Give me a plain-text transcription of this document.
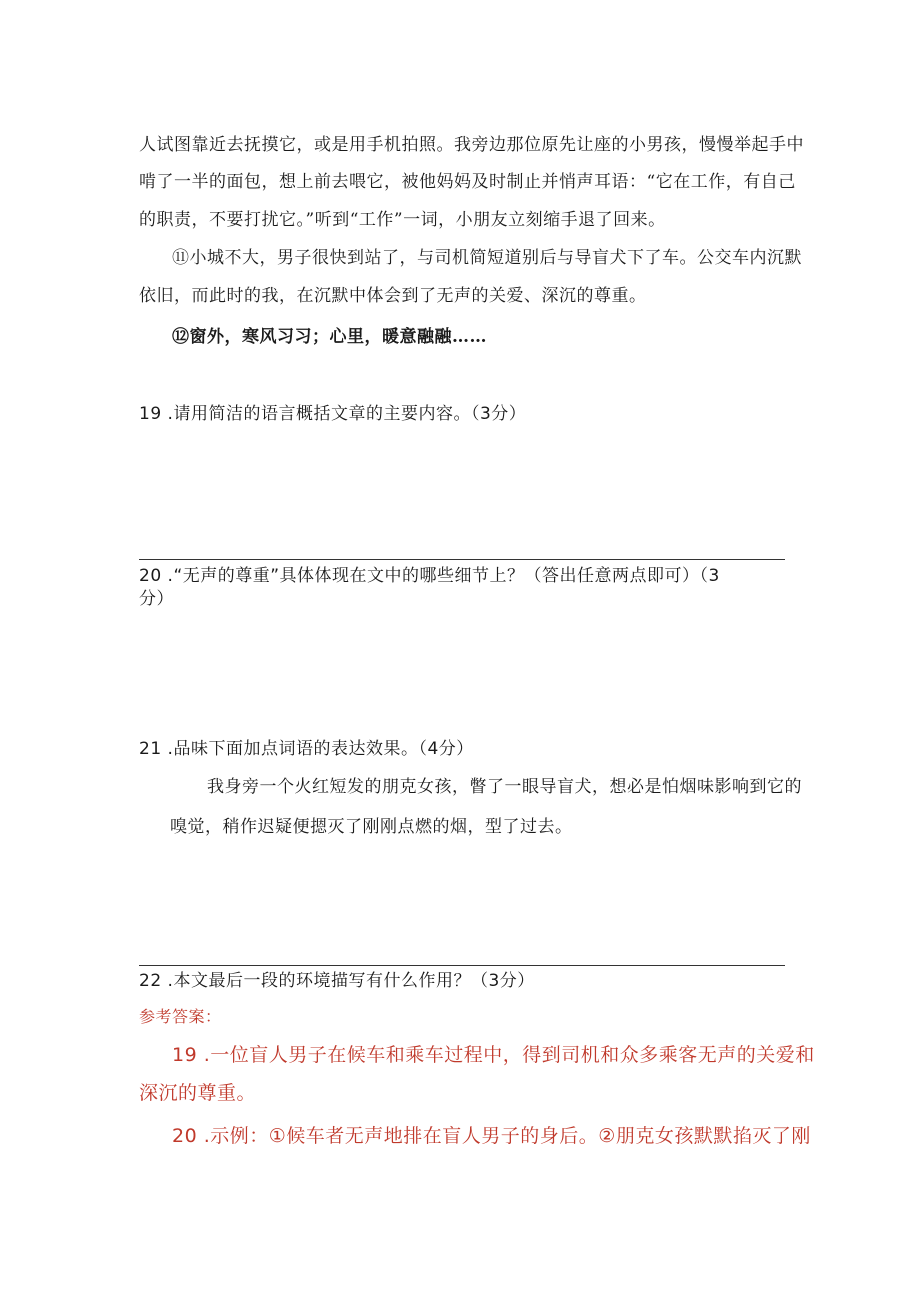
人试图靠近去抚摸它，或是用手机拍照。我旁边那位原先让座的小男孩，慢慢举起手中
啃了一半的面包，想上前去喂它，被他妈妈及时制止并悄声耳语：“它在工作，有自己
的职责，不要打扰它。”听到“工作”一词，小朋友立刻缩手退了回来。
⑪小城不大，男子很快到站了，与司机简短道别后与导盲犬下了车。公交车内沉默
依旧，而此时的我，在沉默中体会到了无声的关爱、深沉的尊重。
⑫窗外，寒风习习；心里，暖意融融……
19 .请用简洁的语言概括文章的主要内容。（3分）
20 .“无声的尊重”具体体现在文中的哪些细节上？（答出任意两点即可）（3
分）
21 .品味下面加点词语的表达效果。（4分）
我身旁一个火红短发的朋克女孩，瞥了一眼导盲犬，想必是怕烟味影响到它的
嗅觉，稍作迟疑便摁灭了刚刚点燃的烟，型了过去。
22 .本文最后一段的环境描写有什么作用？（3分）
参考答案：
19 .一位盲人男子在候车和乘车过程中，得到司机和众多乘客无声的关爱和
深沉的尊重。
20 .示例：①候车者无声地排在盲人男子的身后。②朋克女孩默默掐灭了刚
